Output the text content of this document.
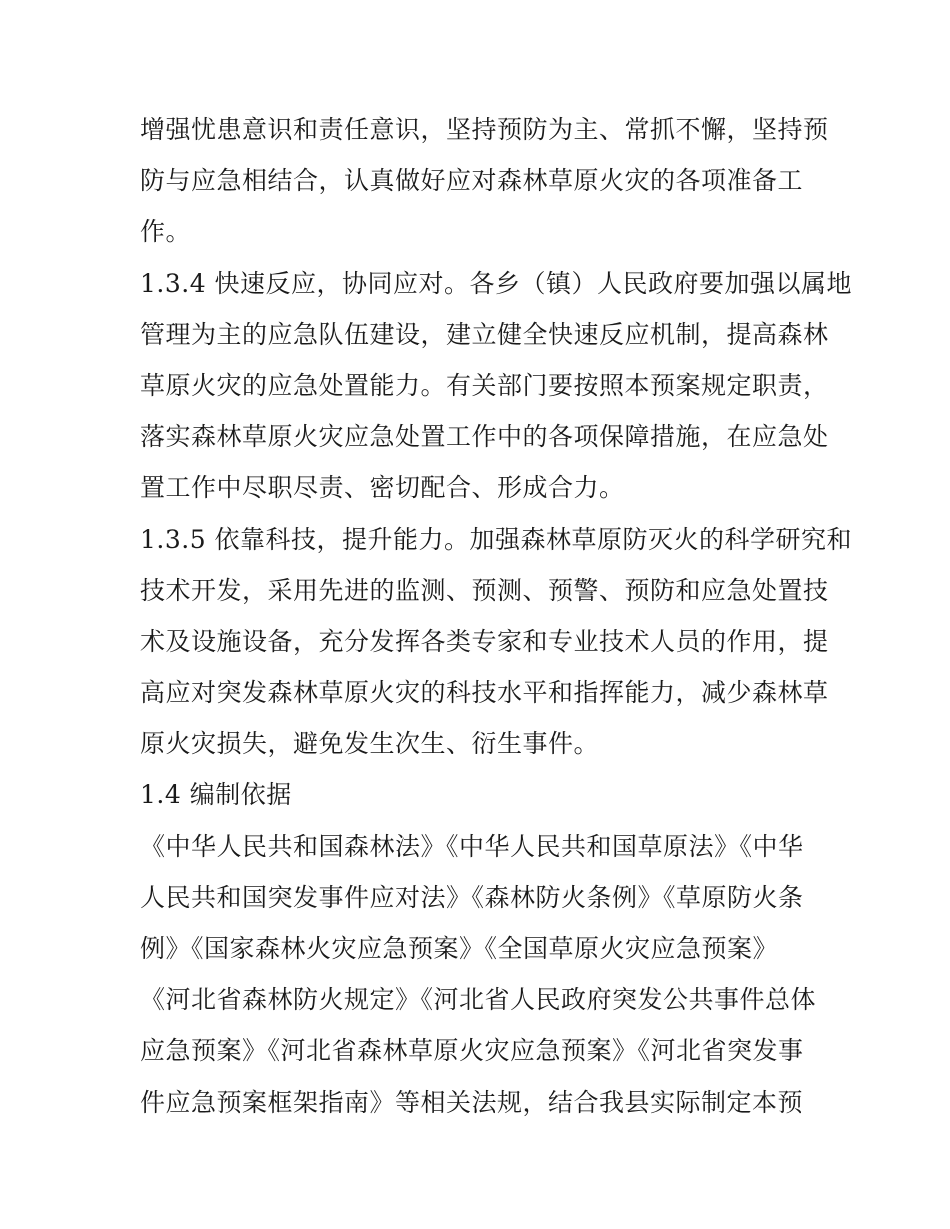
增强忧患意识和责任意识，坚持预防为主、常抓不懈，坚持预
防与应急相结合，认真做好应对森林草原火灾的各项准备工
作。
1.3.4 快速反应，协同应对。各乡（镇）人民政府要加强以属地
管理为主的应急队伍建设，建立健全快速反应机制，提高森林
草原火灾的应急处置能力。有关部门要按照本预案规定职责，
落实森林草原火灾应急处置工作中的各项保障措施，在应急处
置工作中尽职尽责、密切配合、形成合力。
1.3.5 依靠科技，提升能力。加强森林草原防灭火的科学研究和
技术开发，采用先进的监测、预测、预警、预防和应急处置技
术及设施设备，充分发挥各类专家和专业技术人员的作用，提
高应对突发森林草原火灾的科技水平和指挥能力，减少森林草
原火灾损失，避免发生次生、衍生事件。
1.4 编制依据
《中华人民共和国森林法》《中华人民共和国草原法》《中华
人民共和国突发事件应对法》《森林防火条例》《草原防火条
例》《国家森林火灾应急预案》《全国草原火灾应急预案》
《河北省森林防火规定》《河北省人民政府突发公共事件总体
应急预案》《河北省森林草原火灾应急预案》《河北省突发事
件应急预案框架指南》等相关法规，结合我县实际制定本预
